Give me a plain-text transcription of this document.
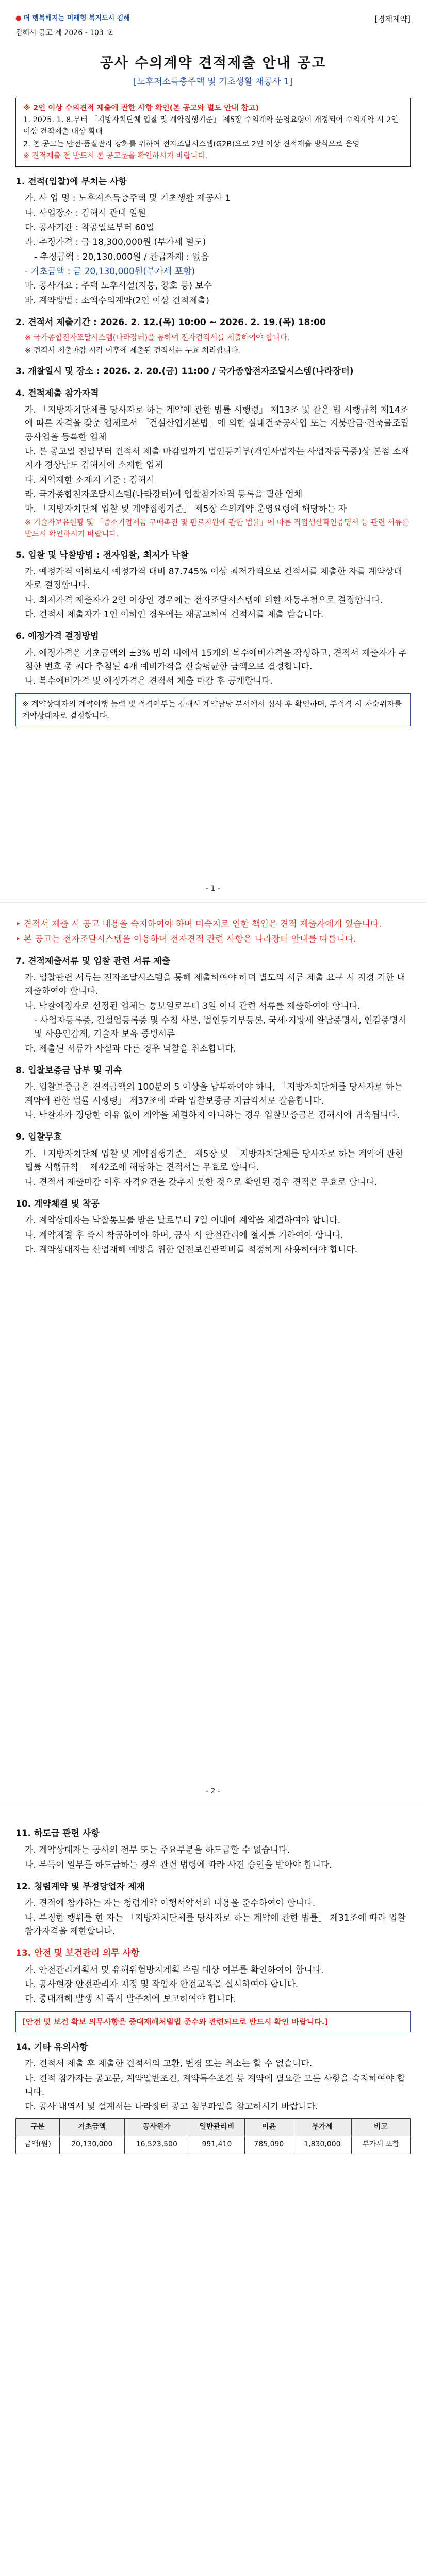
● 더 행복해지는 미래형 복지도시 김해
김해시 공고 제 2026 - 103 호
[경제계약]
공사 수의계약 견적제출 안내 공고
[노후저소득층주택 및 기초생활 재공사 1]
※ 2인 이상 수의견적 제출에 관한 사항 확인(본 공고와 별도 안내 참고)
1. 2025. 1. 8.부터 「지방자치단체 입찰 및 계약집행기준」 제5장 수의계약 운영요령이 개정되어 수의계약 시 2인 이상 견적제출 대상 확대
2. 본 공고는 안전·품질관리 강화를 위하여 전자조달시스템(G2B)으로 2인 이상 견적제출 방식으로 운영
※ 견적제출 전 반드시 본 공고문을 확인하시기 바랍니다.
1. 견적(입찰)에 부치는 사항
가. 사 업 명 : 노후저소득층주택 및 기초생활 재공사 1
나. 사업장소 : 김해시 관내 일원
다. 공사기간 : 착공일로부터 60일
라. 추정가격 : 금 18,300,000원 (부가세 별도)
- 추정금액 : 20,130,000원 / 관급자재 : 없음
- 기초금액 : 금 20,130,000원(부가세 포함)
마. 공사개요 : 주택 노후시설(지붕, 창호 등) 보수
바. 계약방법 : 소액수의계약(2인 이상 견적제출)
2. 견적서 제출기간 : 2026. 2. 12.(목) 10:00 ~ 2026. 2. 19.(목) 18:00
※ 국가종합전자조달시스템(나라장터)을 통하여 전자견적서를 제출하여야 합니다.
※ 견적서 제출마감 시각 이후에 제출된 견적서는 무효 처리합니다.
3. 개찰일시 및 장소 : 2026. 2. 20.(금) 11:00 / 국가종합전자조달시스템(나라장터)
4. 견적제출 참가자격
가. 「지방자치단체를 당사자로 하는 계약에 관한 법률 시행령」 제13조 및 같은 법 시행규칙 제14조에 따른 자격을 갖춘 업체로서 「건설산업기본법」에 의한 실내건축공사업 또는 지붕판금·건축물조립공사업을 등록한 업체
나. 본 공고일 전일부터 견적서 제출 마감일까지 법인등기부(개인사업자는 사업자등록증)상 본점 소재지가 경상남도 김해시에 소재한 업체
다. 지역제한 소재지 기준 : 김해시
라. 국가종합전자조달시스템(나라장터)에 입찰참가자격 등록을 필한 업체
마. 「지방자치단체 입찰 및 계약집행기준」 제5장 수의계약 운영요령에 해당하는 자
※ 기술자보유현황 및 「중소기업제품 구매촉진 및 판로지원에 관한 법률」에 따른 직접생산확인증명서 등 관련 서류를 반드시 확인하시기 바랍니다.
5. 입찰 및 낙찰방법 : 전자입찰, 최저가 낙찰
가. 예정가격 이하로서 예정가격 대비 87.745% 이상 최저가격으로 견적서를 제출한 자를 계약상대자로 결정합니다.
나. 최저가격 제출자가 2인 이상인 경우에는 전자조달시스템에 의한 자동추첨으로 결정합니다.
다. 견적서 제출자가 1인 이하인 경우에는 재공고하여 견적서를 제출 받습니다.
6. 예정가격 결정방법
가. 예정가격은 기초금액의 ±3% 범위 내에서 15개의 복수예비가격을 작성하고, 견적서 제출자가 추첨한 번호 중 최다 추첨된 4개 예비가격을 산술평균한 금액으로 결정합니다.
나. 복수예비가격 및 예정가격은 견적서 제출 마감 후 공개합니다.
※ 계약상대자의 계약이행 능력 및 적격여부는 김해시 계약담당 부서에서 심사 후 확인하며, 부적격 시 차순위자를 계약상대자로 결정합니다.
- 1 -
‣ 견적서 제출 시 공고 내용을 숙지하여야 하며 미숙지로 인한 책임은 견적 제출자에게 있습니다.
‣ 본 공고는 전자조달시스템을 이용하며 전자견적 관련 사항은 나라장터 안내를 따릅니다.
7. 견적제출서류 및 입찰 관련 서류 제출
가. 입찰관련 서류는 전자조달시스템을 통해 제출하여야 하며 별도의 서류 제출 요구 시 지정 기한 내 제출하여야 합니다.
나. 낙찰예정자로 선정된 업체는 통보일로부터 3일 이내 관련 서류를 제출하여야 합니다.
- 사업자등록증, 건설업등록증 및 수첩 사본, 법인등기부등본, 국세·지방세 완납증명서, 인감증명서 및 사용인감계, 기술자 보유 증빙서류
다. 제출된 서류가 사실과 다른 경우 낙찰을 취소합니다.
8. 입찰보증금 납부 및 귀속
가. 입찰보증금은 견적금액의 100분의 5 이상을 납부하여야 하나, 「지방자치단체를 당사자로 하는 계약에 관한 법률 시행령」 제37조에 따라 입찰보증금 지급각서로 갈음합니다.
나. 낙찰자가 정당한 이유 없이 계약을 체결하지 아니하는 경우 입찰보증금은 김해시에 귀속됩니다.
9. 입찰무효
가. 「지방자치단체 입찰 및 계약집행기준」 제5장 및 「지방자치단체를 당사자로 하는 계약에 관한 법률 시행규칙」 제42조에 해당하는 견적서는 무효로 합니다.
나. 견적서 제출마감 이후 자격요건을 갖추지 못한 것으로 확인된 경우 견적은 무효로 합니다.
10. 계약체결 및 착공
가. 계약상대자는 낙찰통보를 받은 날로부터 7일 이내에 계약을 체결하여야 합니다.
나. 계약체결 후 즉시 착공하여야 하며, 공사 시 안전관리에 철저를 기하여야 합니다.
다. 계약상대자는 산업재해 예방을 위한 안전보건관리비를 적정하게 사용하여야 합니다.
- 2 -
11. 하도급 관련 사항
가. 계약상대자는 공사의 전부 또는 주요부분을 하도급할 수 없습니다.
나. 부득이 일부를 하도급하는 경우 관련 법령에 따라 사전 승인을 받아야 합니다.
12. 청렴계약 및 부정당업자 제재
가. 견적에 참가하는 자는 청렴계약 이행서약서의 내용을 준수하여야 합니다.
나. 부정한 행위를 한 자는 「지방자치단체를 당사자로 하는 계약에 관한 법률」 제31조에 따라 입찰참가자격을 제한합니다.
13. 안전 및 보건관리 의무 사항
가. 안전관리계획서 및 유해위험방지계획 수립 대상 여부를 확인하여야 합니다.
나. 공사현장 안전관리자 지정 및 작업자 안전교육을 실시하여야 합니다.
다. 중대재해 발생 시 즉시 발주처에 보고하여야 합니다.
[안전 및 보건 확보 의무사항은 중대재해처벌법 준수와 관련되므로 반드시 확인 바랍니다.]
14. 기타 유의사항
가. 견적서 제출 후 제출한 견적서의 교환, 변경 또는 취소는 할 수 없습니다.
나. 견적 참가자는 공고문, 계약일반조건, 계약특수조건 등 계약에 필요한 모든 사항을 숙지하여야 합니다.
다. 공사 내역서 및 설계서는 나라장터 공고 첨부파일을 참고하시기 바랍니다.
구분	기초금액	공사원가	일반관리비	이윤	부가세	비고
금액(원)	20,130,000	16,523,500	991,410	785,090	1,830,000	부가세 포함
